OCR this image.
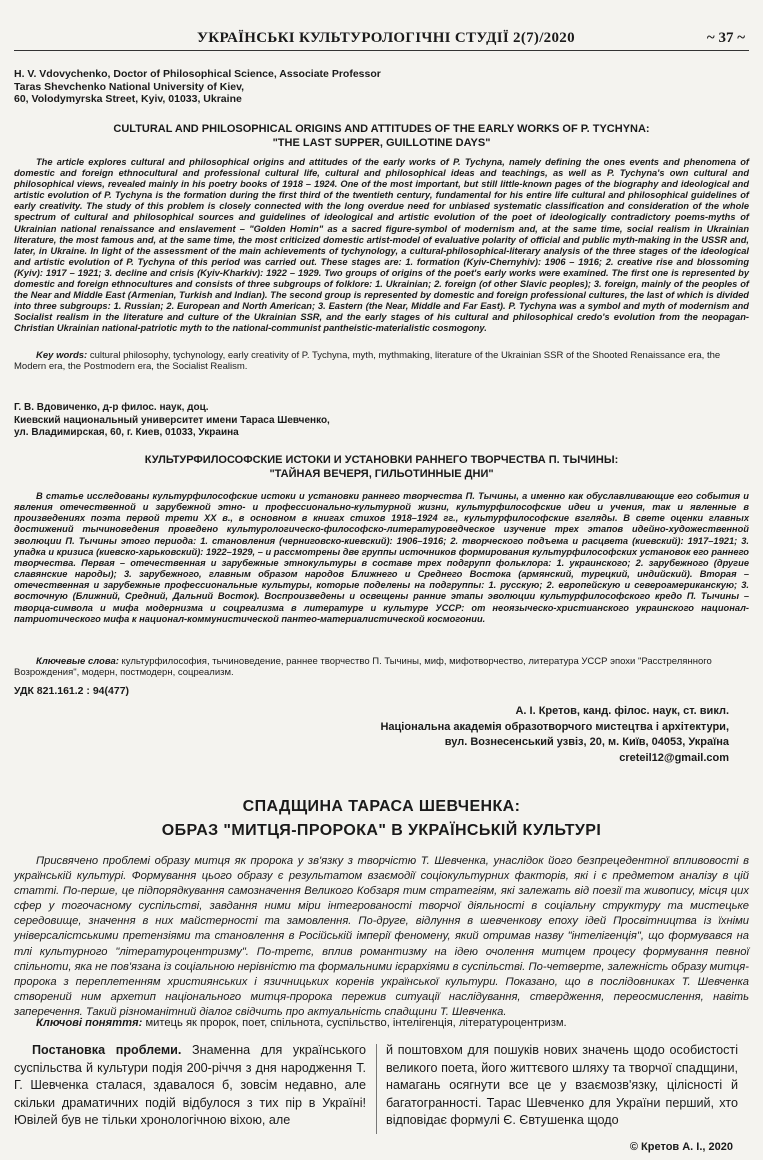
УКРАЇНСЬКІ КУЛЬТУРОЛОГІЧНІ СТУДІЇ 2(7)/2020	~ 37 ~
H. V. Vdovychenko, Doctor of Philosophical Science, Associate Professor
Taras Shevchenko National University of Kiev,
60, Volodymyrska Street, Kyiv, 01033, Ukraine
CULTURAL AND PHILOSOPHICAL ORIGINS AND ATTITUDES OF THE EARLY WORKS OF P. TYCHYNA:
"THE LAST SUPPER, GUILLOTINE DAYS"
The article explores cultural and philosophical origins and attitudes of the early works of P. Tychyna, namely defining the ones events and phenomena of domestic and foreign ethnocultural and professional cultural life, cultural and philosophical ideas and teachings, as well as P. Tychyna's own cultural and philosophical views, revealed mainly in his poetry books of 1918 – 1924. One of the most important, but still little-known pages of the biography and ideological and artistic evolution of P. Tychyna is the formation during the first third of the twentieth century, fundamental for his entire life cultural and philosophical guidelines of early creativity. The study of this problem is closely connected with the long overdue need for unbiased systematic classification and consideration of the whole spectrum of cultural and philosophical sources and guidelines of ideological and artistic evolution of the poet of ideologically contradictory poems-myths of Ukrainian national renaissance and enslavement – "Golden Homin" as a sacred figure-symbol of modernism and, at the same time, social realism in Ukrainian literature, the most famous and, at the same time, the most criticized domestic artist-model of evaluative polarity of official and public myth-making in the USSR and, later, in Ukraine. In light of the assessment of the main achievements of tychynology, a cultural-philosophical-literary analysis of the three stages of the ideological and artistic evolution of P. Tychyna of this period was carried out. These stages are: 1. formation (Kyiv-Chernyhiv): 1906 – 1916; 2. creative rise and blossoming (Kyiv): 1917 – 1921; 3. decline and crisis (Kyiv-Kharkiv): 1922 – 1929. Two groups of origins of the poet's early works were examined. The first one is represented by domestic and foreign ethnocultures and consists of three subgroups of folklore: 1. Ukrainian; 2. foreign (of other Slavic peoples); 3. foreign, mainly of the peoples of the Near and Middle East (Armenian, Turkish and Indian). The second group is represented by domestic and foreign professional cultures, the last of which is divided into three subgroups: 1. Russian; 2. European and North American; 3. Eastern (the Near, Middle and Far East). P. Tychyna was a symbol and myth of modernism and Socialist realism in the literature and culture of the Ukrainian SSR, and the early stages of his cultural and philosophical credo's evolution from the neopagan-Christian Ukrainian national-patriotic myth to the national-communist pantheistic-materialistic cosmogony.
Key words: cultural philosophy, tychynology, early creativity of P. Tychyna, myth, mythmaking, literature of the Ukrainian SSR of the Shooted Renaissance era, the Modern era, the Postmodern era, the Socialist Realism.
Г. В. Вдовиченко, д-р филос. наук, доц.
Киевский национальный университет имени Тараса Шевченко,
ул. Владимирская, 60, г. Киев, 01033, Украина
КУЛЬТУРФИЛОСОФСКИЕ ИСТОКИ И УСТАНОВКИ РАННЕГО ТВОРЧЕСТВА П. ТЫЧИНЫ:
"ТАЙНАЯ ВЕЧЕРЯ, ГИЛЬОТИННЫЕ ДНИ"
В статье исследованы культурфилософские истоки и установки раннего творчества П. Тычины, а именно как обуславливающие его события и явления отечественной и зарубежной этно- и профессионально-культурной жизни, культурфилософские идеи и учения, так и явленные в произведениях поэта первой трети ХХ в., в основном в книгах стихов 1918–1924 гг., культурфилософские взгляды. В свете оценки главных достижений тычиноведения проведено культурологическо-философско-литературоведческое изучение трех этапов идейно-художественной эволюции П. Тычины этого периода: 1. становления (черниговско-киевский): 1906–1916; 2. творческого подъема и расцвета (киевский): 1917–1921; 3. упадка и кризиса (киевско-харьковский): 1922–1929, – и рассмотрены две группы источников формирования культурфилософских установок его раннего творчества. Первая – отечественная и зарубежные этнокультуры в составе трех подгрупп фольклора: 1. украинского; 2. зарубежного (другие славянские народы); 3. зарубежного, главным образом народов Ближнего и Среднего Востока (армянский, турецкий, индийский). Вторая – отечественная и зарубежные профессиональные культуры, которые поделены на подгруппы: 1. русскую; 2. европейскую и североамериканскую; 3. восточную (Ближний, Средний, Дальний Восток). Воспроизведены и освещены ранние этапы эволюции культурфилософского кредо П. Тычины – творца-символа и мифа модернизма и соцреализма в литературе и культуре УССР: от неоязыческо-христианского украинского национал-патриотического мифа к национал-коммунистической пантео-материалистической космогонии.
Ключевые слова: культурфилософия, тычиноведение, раннее творчество П. Тычины, миф, мифотворчество, литература УССР эпохи "Расстрелянного Возрождения", модерн, постмодерн, соцреализм.
УДК 821.161.2 : 94(477)
А. І. Кретов, канд. філос. наук, ст. викл.
Національна академія образотворчого мистецтва і архітектури,
вул. Вознесенський узвіз, 20, м. Київ, 04053, Україна
creteil12@gmail.com
СПАДЩИНА ТАРАСА ШЕВЧЕНКА:
ОБРАЗ "МИТЦЯ-ПРОРОКА" В УКРАЇНСЬКІЙ КУЛЬТУРІ
Присвячено проблемі образу митця як пророка у зв'язку з творчістю Т. Шевченка, унаслідок його безпрецедентної впливовості в українській культурі. Формування цього образу є результатом взаємодії соціокультурних факторів, які і є предметом аналізу в цій статті. По-перше, це підпорядкування самозначення Великого Кобзаря тим стратегіям, які залежать від поезії та живопису, місця цих сфер у тогочасному суспільстві, завдання ними міри інтегрованості творчої діяльності в соціальну структуру та мистецьке середовище, значення в них майстерності та замовлення. По-друге, відлуння в шевченкову епоху ідей Просвітництва із їхніми універсалістськими претензіями та становлення в Російській імперії феномену, який отримав назву "інтелігенція", що формувався на тлі культурного "літературоцентризму". По-третє, вплив романтизму на ідею очолення митцем процесу формування певної спільноти, яка не пов'язана із соціальною нерівністю та формальними ієрархіями в суспільстві. По-четверте, залежність образу митця-пророка з переплетенням християнських і язичницьких коренів української культури. Показано, що в послідовниках Т. Шевченка створений ним архетип національного митця-пророка пережив ситуації наслідування, ствердження, переосмислення, навіть заперечення. Такий різноманітний діалог свідчить про актуальність спадщини Т. Шевченка.
Ключові поняття: митець як пророк, поет, спільнота, суспільство, інтелігенція, літературоцентризм.
Постановка проблеми. Знаменна для українського суспільства й культури подія 200-річчя з дня народження Т. Г. Шевченка сталася, здавалося б, зовсім недавно, але скільки драматичних подій відбулося з тих пір в Україні! Ювілей був не тільки хронологічною віхою, але
й поштовхом для пошуків нових значень щодо особистості великого поета, його життєвого шляху та творчої спадщини, намагань осягнути все це у взаємозв'язку, цілісності й багатогранності. Тарас Шевченко для України перший, хто відповідає формулі Є. Євтушенка щодо
© Кретов А. І., 2020
